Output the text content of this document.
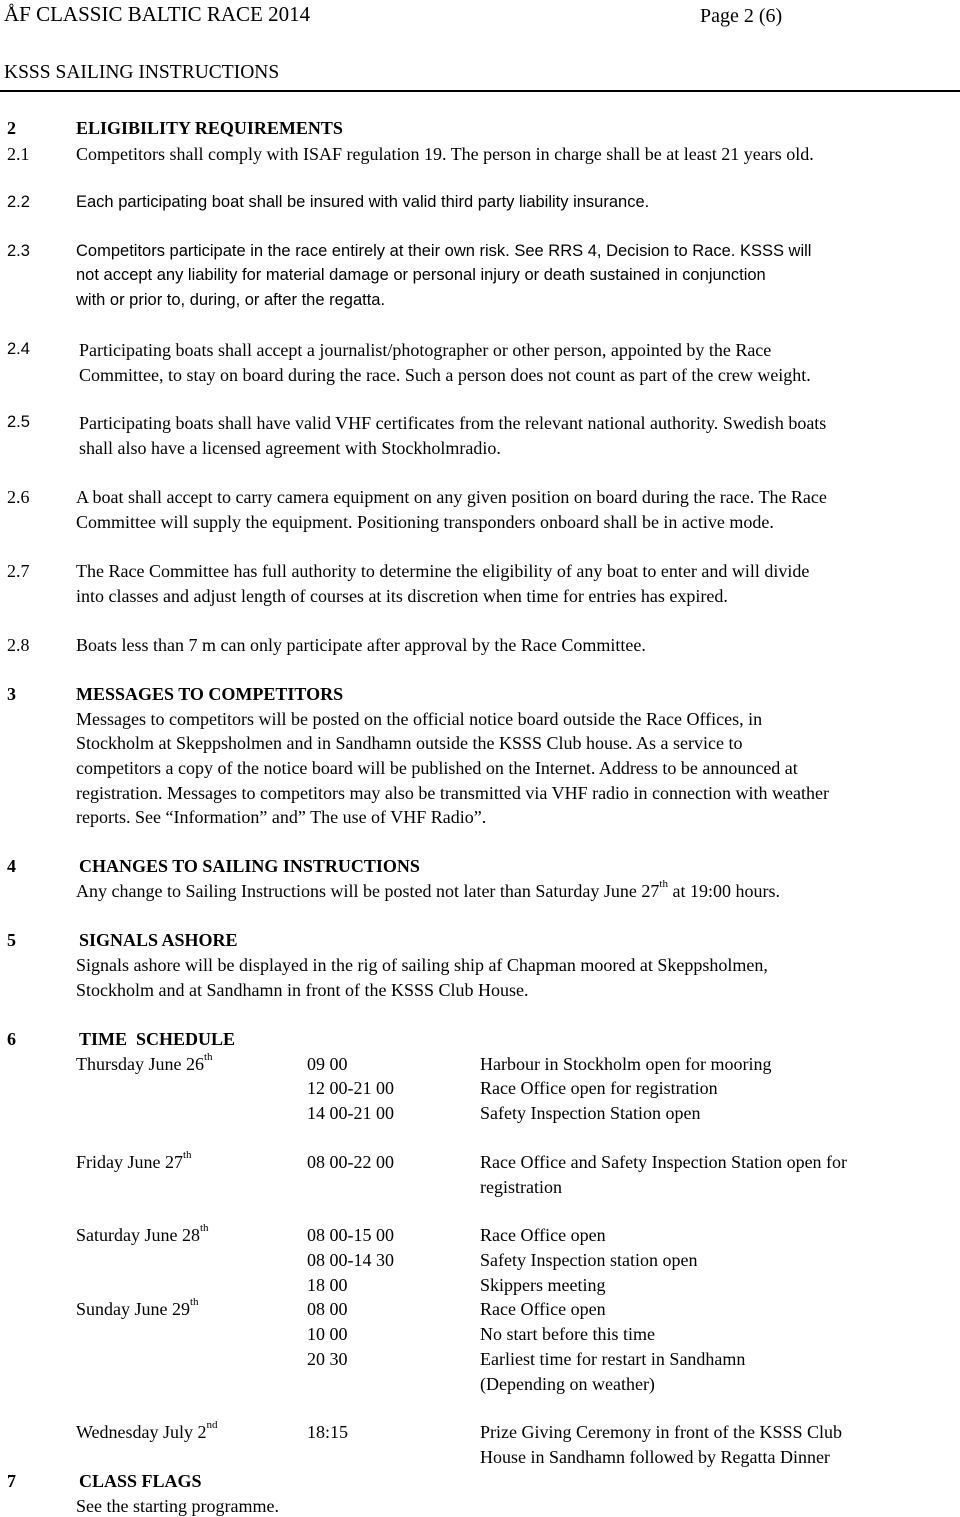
ÅF CLASSIC BALTIC RACE 2014	Page 2 (6)
KSSS SAILING INSTRUCTIONS
2	ELIGIBILITY REQUIREMENTS
2.1	Competitors shall comply with ISAF regulation 19. The person in charge shall be at least 21 years old.
2.2	Each participating boat shall be insured with valid third party liability insurance.
2.3	Competitors participate in the race entirely at their own risk. See RRS 4, Decision to Race. KSSS will
not accept any liability for material damage or personal injury or death sustained in conjunction
with or prior to, during, or after the regatta.
2.4	Participating boats shall accept a journalist/photographer or other person, appointed by the Race
Committee, to stay on board during the race. Such a person does not count as part of the crew weight.
2.5	Participating boats shall have valid VHF certificates from the relevant national authority. Swedish boats
shall also have a licensed agreement with Stockholmradio.
2.6	A boat shall accept to carry camera equipment on any given position on board during the race. The Race
Committee will supply the equipment. Positioning transponders onboard shall be in active mode.
2.7	The Race Committee has full authority to determine the eligibility of any boat to enter and will divide
into classes and adjust length of courses at its discretion when time for entries has expired.
2.8	Boats less than 7 m can only participate after approval by the Race Committee.
3	MESSAGES TO COMPETITORS
Messages to competitors will be posted on the official notice board outside the Race Offices, in
Stockholm at Skeppsholmen and in Sandhamn outside the KSSS Club house. As a service to
competitors a copy of the notice board will be published on the Internet. Address to be announced at
registration. Messages to competitors may also be transmitted via VHF radio in connection with weather
reports. See “Information” and” The use of VHF Radio”.
4	CHANGES TO SAILING INSTRUCTIONS
Any change to Sailing Instructions will be posted not later than Saturday June 27th at 19:00 hours.
5	SIGNALS ASHORE
Signals ashore will be displayed in the rig of sailing ship af Chapman moored at Skeppsholmen,
Stockholm and at Sandhamn in front of the KSSS Club House.
6	TIME  SCHEDULE
Thursday June 26th	09 00	Harbour in Stockholm open for mooring
12 00-21 00	Race Office open for registration
14 00-21 00	Safety Inspection Station open
Friday June 27th	08 00-22 00	Race Office and Safety Inspection Station open for
registration
Saturday June 28th	08 00-15 00	Race Office open
08 00-14 30	Safety Inspection station open
18 00	Skippers meeting
Sunday June 29th	08 00	Race Office open
10 00	No start before this time
20 30	Earliest time for restart in Sandhamn
(Depending on weather)
Wednesday July 2nd	18:15	Prize Giving Ceremony in front of the KSSS Club
House in Sandhamn followed by Regatta Dinner
7	CLASS FLAGS
See the starting programme.
